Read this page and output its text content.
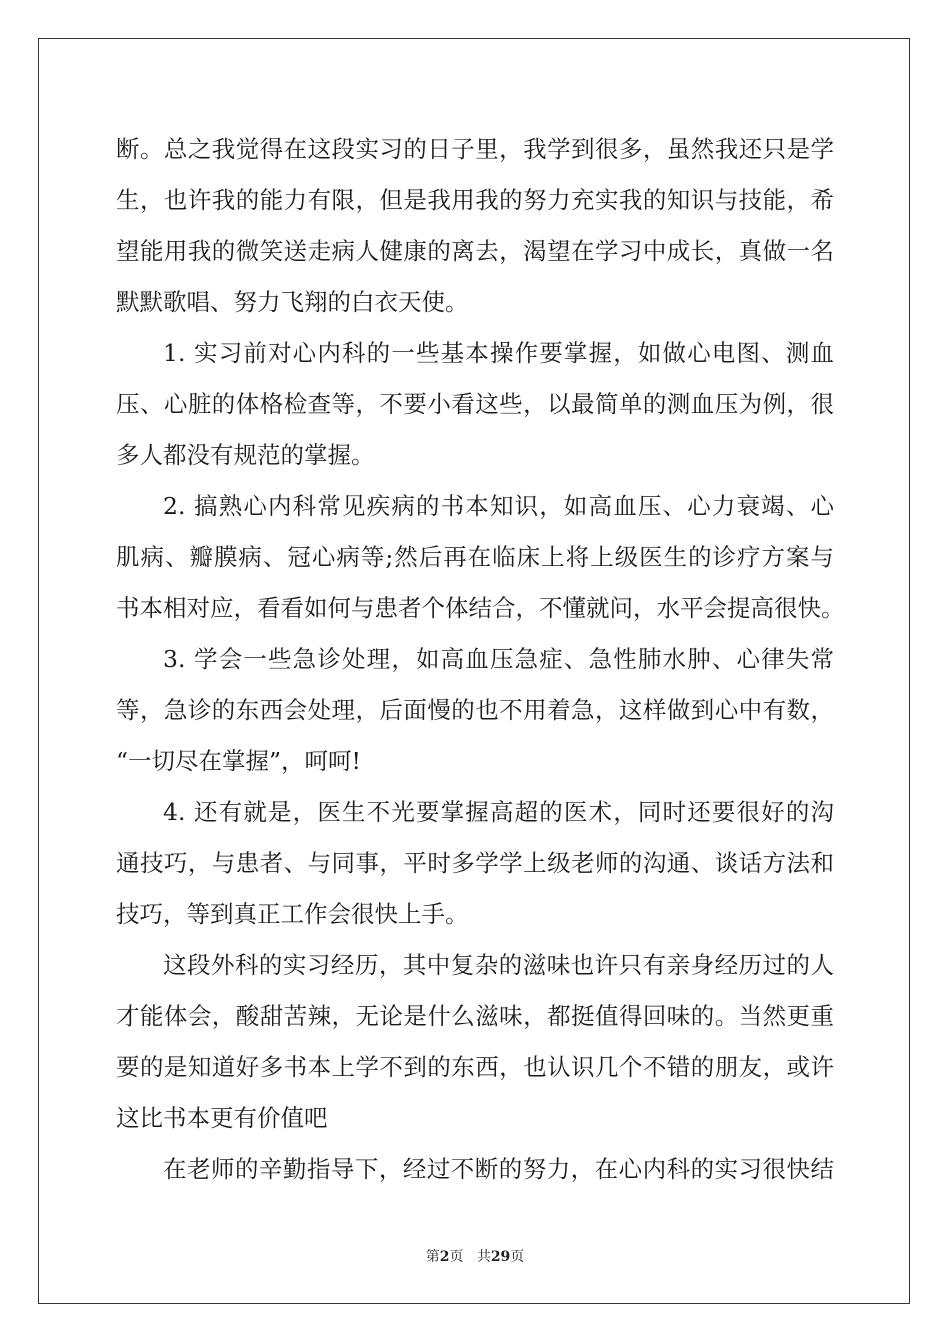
断。总之我觉得在这段实习的日子里，我学到很多，虽然我还只是学
生，也许我的能力有限，但是我用我的努力充实我的知识与技能，希
望能用我的微笑送走病人健康的离去，渴望在学习中成长，真做一名
默默歌唱、努力飞翔的白衣天使。
1. 实习前对心内科的一些基本操作要掌握，如做心电图、测血
压、心脏的体格检查等，不要小看这些，以最简单的测血压为例，很
多人都没有规范的掌握。
2. 搞熟心内科常见疾病的书本知识，如高血压、心力衰竭、心
肌病、瓣膜病、冠心病等;然后再在临床上将上级医生的诊疗方案与
书本相对应，看看如何与患者个体结合，不懂就问，水平会提高很快。
3. 学会一些急诊处理，如高血压急症、急性肺水肿、心律失常
等，急诊的东西会处理，后面慢的也不用着急，这样做到心中有数，
“一切尽在掌握”，呵呵!
4. 还有就是，医生不光要掌握高超的医术，同时还要很好的沟
通技巧，与患者、与同事，平时多学学上级老师的沟通、谈话方法和
技巧，等到真正工作会很快上手。
这段外科的实习经历，其中复杂的滋味也许只有亲身经历过的人
才能体会，酸甜苦辣，无论是什么滋味，都挺值得回味的。当然更重
要的是知道好多书本上学不到的东西，也认识几个不错的朋友，或许
这比书本更有价值吧
在老师的辛勤指导下，经过不断的努力，在心内科的实习很快结
第2页 共29页
